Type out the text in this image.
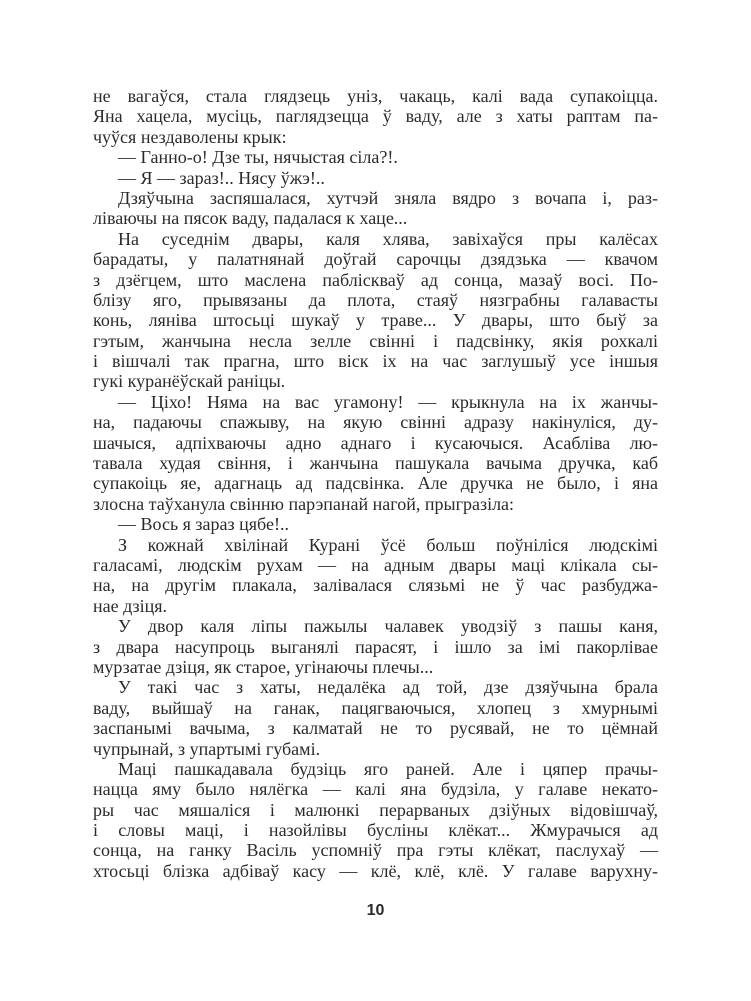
не вагаўся, стала глядзець уніз, чакаць, калі вада супакоіцца.
Яна хацела, мусіць, паглядзецца ў ваду, але з хаты раптам па-
чуўся нездаволены крык:
— Ганно-о! Дзе ты, нячыстая сіла?!.
— Я — зараз!.. Нясу ўжэ!..
Дзяўчына заспяшалася, хутчэй зняла вядро з вочапа і, раз-
ліваючы на пясок ваду, падалася к хаце...
На суседнім двары, каля хлява, завіхаўся пры калёсах
барадаты, у палатнянай доўгай сарочцы дзядзька — квачом
з дзёгцем, што маслена пабліскваў ад сонца, мазаў восі. По-
блізу яго, прывязаны да плота, стаяў нязграбны галавасты
конь, лянiва штосьці шукаў у траве... У двары, што быў за
гэтым, жанчына несла зелле свінні і падсвінку, якія рохкалі
і вішчалі так прагна, што віск іх на час заглушыў усе іншыя
гукі куранёўскай раніцы.
— Ціхо! Няма на вас угамону! — крыкнула на іх жанчы-
на, падаючы спажыву, на якую свінні адразу накінуліся, ду-
шачыся, адпіхваючы адно аднаго і кусаючыся. Асабліва лю-
тавала худая свіння, і жанчына пашукала вачыма дручка, каб
супакоіць яе, адагнаць ад падсвінка. Але дручка не было, і яна
злосна таўханула свінню парэпанай нагой, прыгразіла:
— Вось я зараз цябе!..
З кожнай хвілінай Курані ўсё больш поўніліся людскімі
галасамі, людскім рухам — на адным двары маці клікала сы-
на, на другім плакала, залівалася слязьмі не ў час разбуджа-
нае дзіця.
У двор каля ліпы пажылы чалавек уводзіў з пашы каня,
з двара насупроць выганялі парасят, і ішло за імі пакорлівае
мурзатае дзіця, як старое, угінаючы плечы...
У такі час з хаты, недалёка ад той, дзе дзяўчына брала
ваду, выйшаў на ганак, пацягваючыся, хлопец з хмурнымі
заспанымі вачыма, з калматай не то русявай, не то цёмнай
чупрынай, з упартымі губамі.
Маці пашкадавала будзіць яго раней. Але і цяпер прачы-
нацца яму было нялёгка — калі яна будзіла, у галаве некато-
ры час мяшаліся і малюнкі перарваных дзіўных відовішчаў,
і словы маці, і назойлівы бусліны клёкат... Жмурачыся ад
сонца, на ганку Васіль успомніў пра гэты клёкат, паслухаў —
хтосьці блізка адбіваў касу — клё, клё, клё. У галаве варухну-
10
